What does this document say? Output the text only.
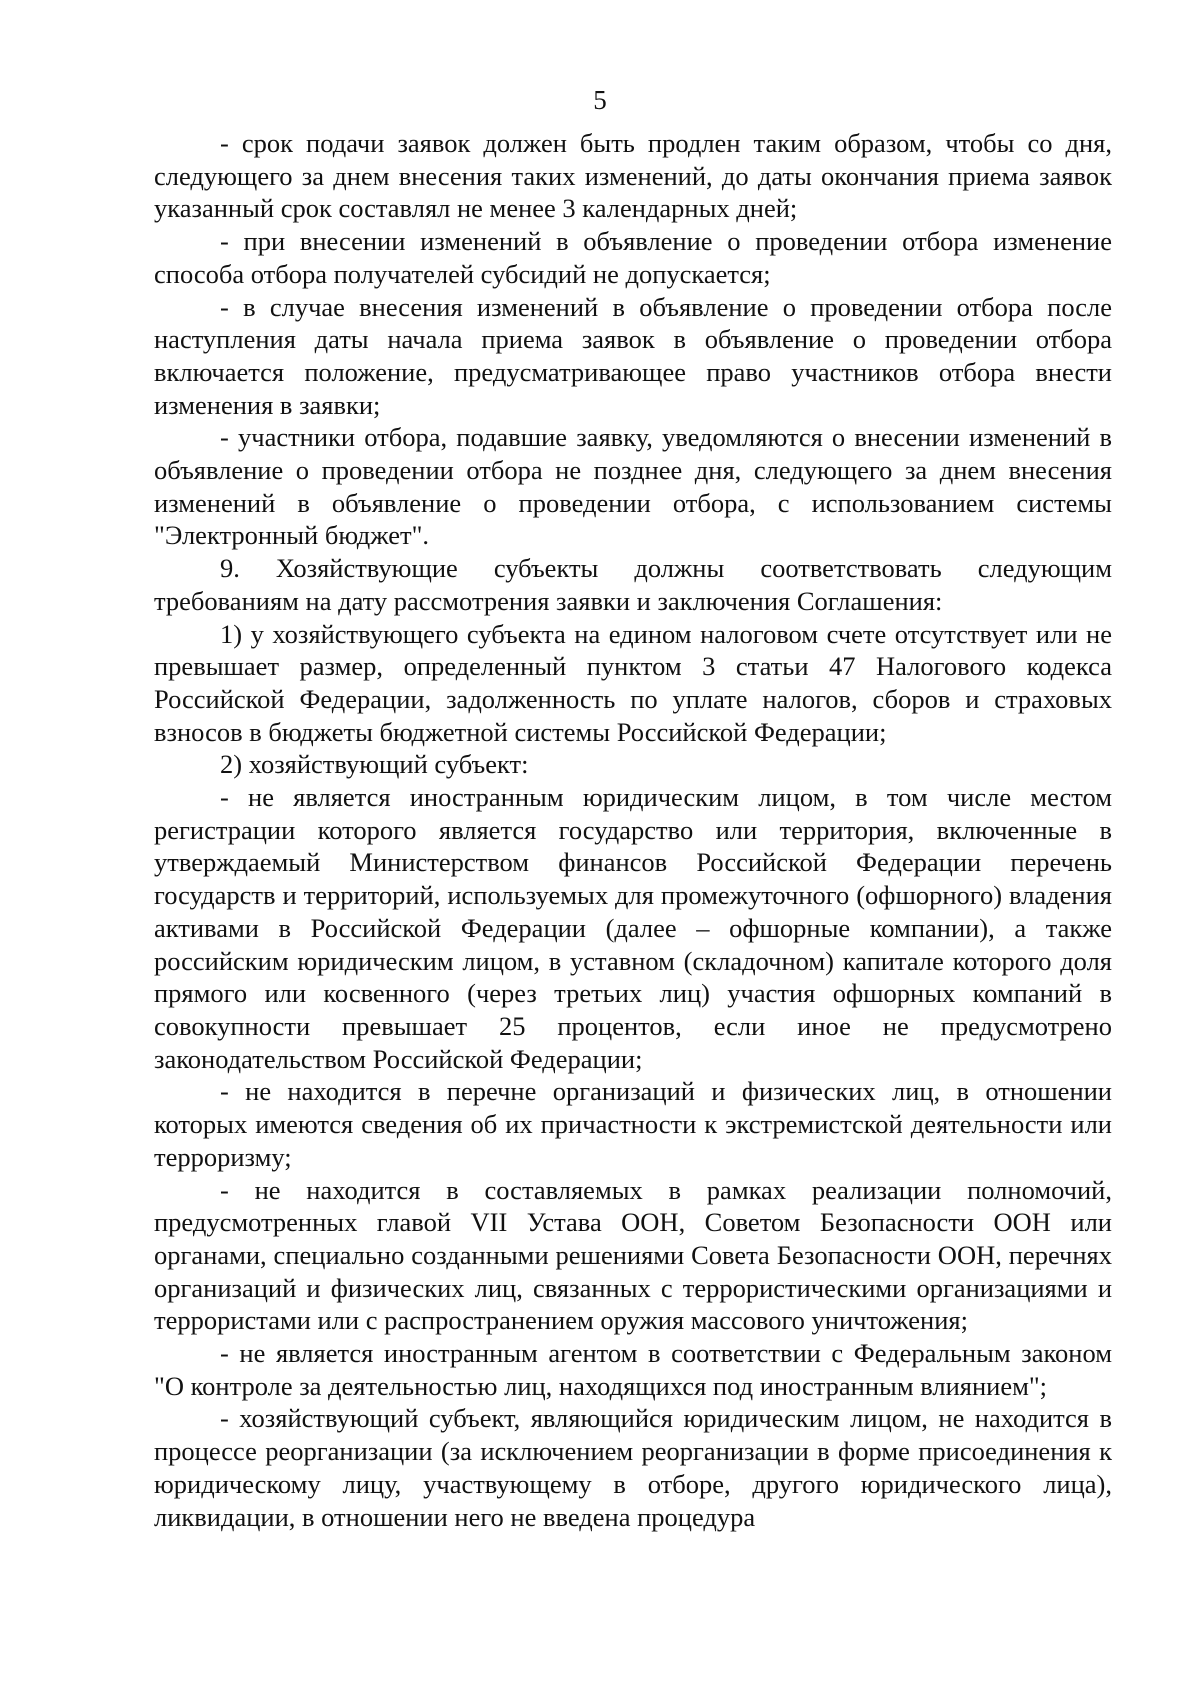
5

- срок подачи заявок должен быть продлен таким образом, чтобы со дня, следующего за днем внесения таких изменений, до даты окончания приема заявок указанный срок составлял не менее 3 календарных дней;

- при внесении изменений в объявление о проведении отбора изменение способа отбора получателей субсидий не допускается;

- в случае внесения изменений в объявление о проведении отбора после наступления даты начала приема заявок в объявление о проведении отбора включается положение, предусматривающее право участников отбора внести изменения в заявки;

- участники отбора, подавшие заявку, уведомляются о внесении изменений в объявление о проведении отбора не позднее дня, следующего за днем внесения изменений в объявление о проведении отбора, с использованием системы "Электронный бюджет".

9. Хозяйствующие субъекты должны соответствовать следующим требованиям на дату рассмотрения заявки и заключения Соглашения:

1) у хозяйствующего субъекта на едином налоговом счете отсутствует или не превышает размер, определенный пунктом 3 статьи 47 Налогового кодекса Российской Федерации, задолженность по уплате налогов, сборов и страховых взносов в бюджеты бюджетной системы Российской Федерации;

2) хозяйствующий субъект:

- не является иностранным юридическим лицом, в том числе местом регистрации которого является государство или территория, включенные в утверждаемый Министерством финансов Российской Федерации перечень государств и территорий, используемых для промежуточного (офшорного) владения активами в Российской Федерации (далее – офшорные компании), а также российским юридическим лицом, в уставном (складочном) капитале которого доля прямого или косвенного (через третьих лиц) участия офшорных компаний в совокупности превышает 25 процентов, если иное не предусмотрено законодательством Российской Федерации;

- не находится в перечне организаций и физических лиц, в отношении которых имеются сведения об их причастности к экстремистской деятельности или терроризму;

- не находится в составляемых в рамках реализации полномочий, предусмотренных главой VII Устава ООН, Советом Безопасности ООН или органами, специально созданными решениями Совета Безопасности ООН, перечнях организаций и физических лиц, связанных с террористическими организациями и террористами или с распространением оружия массового уничтожения;

- не является иностранным агентом в соответствии с Федеральным законом "О контроле за деятельностью лиц, находящихся под иностранным влиянием";

- хозяйствующий субъект, являющийся юридическим лицом, не находится в процессе реорганизации (за исключением реорганизации в форме присоединения к юридическому лицу, участвующему в отборе, другого юридического лица), ликвидации, в отношении него не введена процедура
